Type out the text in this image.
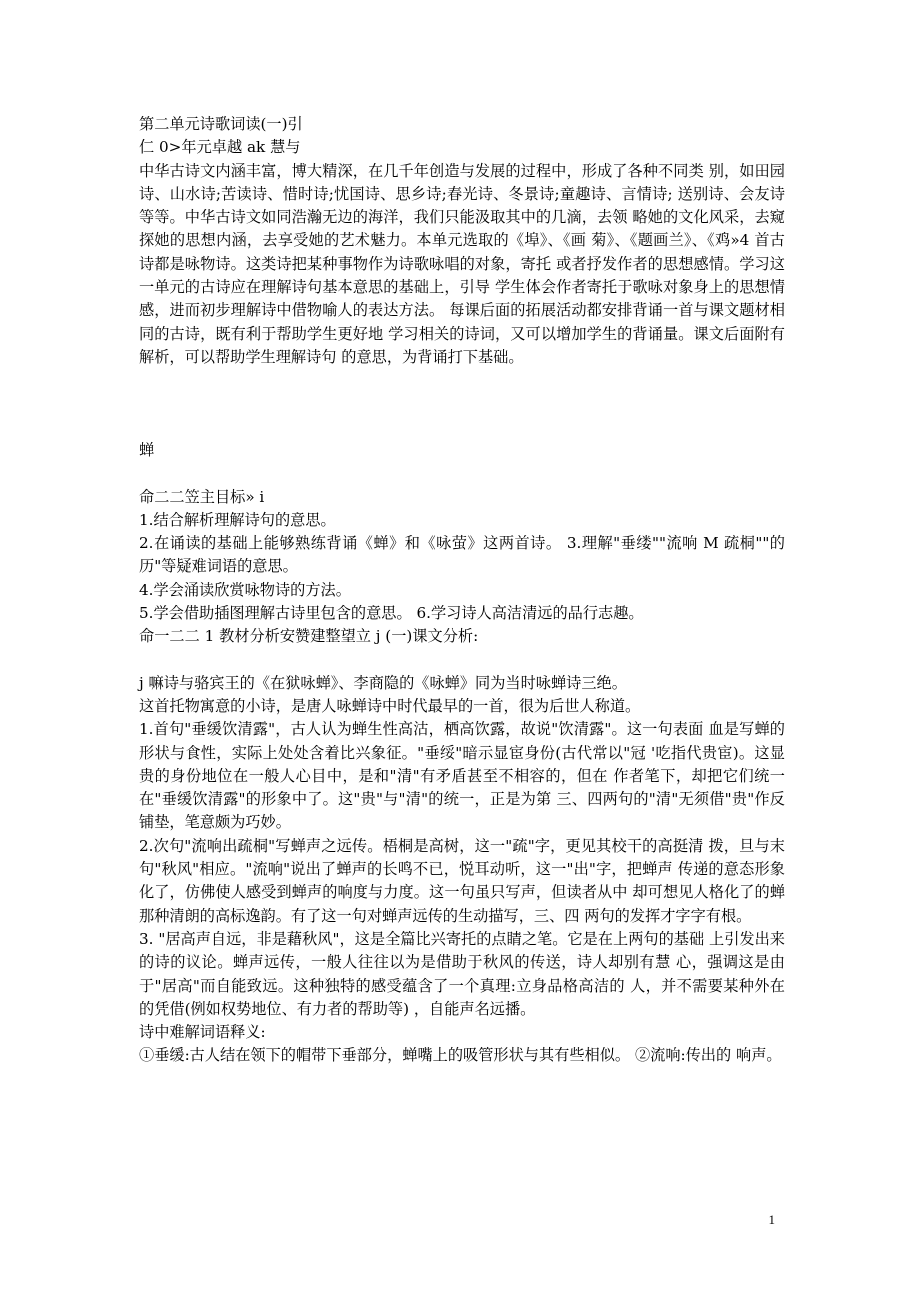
第二单元诗歌词读(一)引

仁 0>年元卓越 ak 慧与

中华古诗文内涵丰富，博大精深，在几千年创造与发展的过程中，形成了各种不同类 别，如田园诗、山水诗;苦读诗、惜时诗;忧国诗、思乡诗;春光诗、冬景诗;童趣诗、言情诗; 送别诗、会友诗等等。中华古诗文如同浩瀚无边的海洋，我们只能汲取其中的几滴，去领 略她的文化风采，去窥探她的思想内涵，去享受她的艺术魅力。本单元选取的《埠》、《画 菊》、《题画兰》、《鸡»4 首古诗都是咏物诗。这类诗把某种事物作为诗歌咏唱的对象，寄托 或者抒发作者的思想感情。学习这一单元的古诗应在理解诗句基本意思的基础上，引导 学生体会作者寄托于歌咏对象身上的思想情感，进而初步理解诗中借物喻人的表达方法。 每课后面的拓展活动都安排背诵一首与课文题材相同的古诗，既有利于帮助学生更好地 学习相关的诗词，又可以增加学生的背诵量。课文后面附有解析，可以帮助学生理解诗句 的意思，为背诵打下基础。

蝉

命二二笠主目标» i

1.结合解析理解诗句的意思。

2.在诵读的基础上能够熟练背诵《蝉》和《咏萤》这两首诗。 3.理解"垂缕""流响 M 疏桐""的历"等疑难词语的意思。

4.学会涌读欣赏咏物诗的方法。

5.学会借助插图理解古诗里包含的意思。 6.学习诗人高洁清远的品行志趣。

命一二二 1 教材分析安赞建整望立 j (一)课文分析:

j 嘛诗与骆宾王的《在狱咏蝉》、李商隐的《咏蝉》同为当时咏蝉诗三绝。

这首托物寓意的小诗，是唐人咏蝉诗中时代最早的一首，很为后世人称道。

1.首句"垂缓饮清露"，古人认为蝉生性高沽，栖高饮露，故说"饮清露"。这一句表面 血是写蝉的形状与食性，实际上处处含着比兴象征。"垂绥"暗示显宦身份(古代常以"冠 '吃指代贵宦)。这显贵的身份地位在一般人心目中，是和"清"有矛盾甚至不相容的，但在 作者笔下，却把它们统一在"垂缓饮清露"的形象中了。这"贵"与"清"的统一，正是为第 三、四两句的"清"无须借"贵"作反铺垫，笔意颇为巧妙。

2.次句"流响出疏桐"写蝉声之远传。梧桐是高树，这一"疏"字，更见其校干的高挺清 拨，旦与末句"秋风"相应。"流响"说出了蝉声的长鸣不已，悦耳动听，这一"出"字，把蝉声 传递的意态形象化了，仿佛使人感受到蝉声的响度与力度。这一句虽只写声，但读者从中 却可想见人格化了的蝉那种清朗的高标逸韵。有了这一句对蝉声远传的生动描写，三、四 两句的发挥才字字有根。

3. "居高声自远，非是藉秋风"，这是全篇比兴寄托的点睛之笔。它是在上两句的基础 上引发出来的诗的议论。蝉声远传，一般人往往以为是借助于秋风的传送，诗人却别有慧 心，强调这是由于"居高"而自能致远。这种独特的感受蕴含了一个真理:立身品格高洁的 人，并不需要某种外在的凭借(例如权势地位、有力者的帮助等) ，自能声名远播。

诗中难解词语释义:

①垂缓:古人结在领下的帽带下垂部分，蝉嘴上的吸管形状与其有些相似。 ②流响:传出的 响声。

1
